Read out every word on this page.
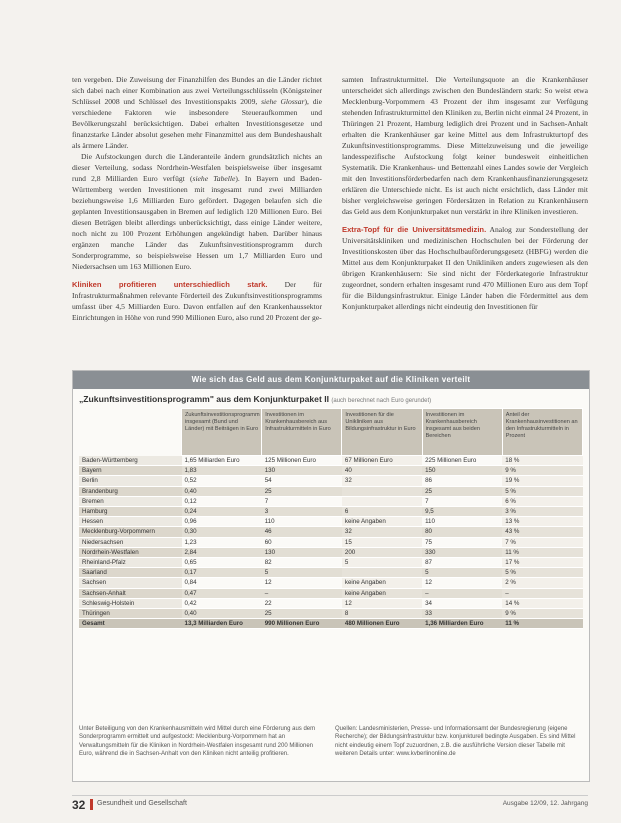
ten vergeben. Die Zuweisung der Finanzhilfen des Bundes an die Länder richtet sich dabei nach einer Kombination aus zwei Verteilungsschlüsseln (Königsteiner Schlüssel 2008 und Schlüssel des Investitionspakts 2009, siehe Glossar), die verschiedene Faktoren wie insbesondere Steueraufkommen und Bevölkerungszahl berücksichtigen. Dabei erhalten Investitionsgesetze und finanzstarke Länder absolut gesehen mehr Finanzmittel aus dem Bundeshaushalt als ärmere Länder.

Die Aufstockungen durch die Länderanteile ändern grundsätzlich nichts an dieser Verteilung, sodass Nordrhein-Westfalen beispielsweise über insgesamt rund 2,8 Milliarden Euro verfügt (siehe Tabelle). In Bayern und Baden-Württemberg werden Investitionen mit insgesamt rund zwei Milliarden beziehungsweise 1,6 Milliarden Euro gefördert. Dagegen belaufen sich die geplanten Investitionsausgaben in Bremen auf lediglich 120 Millionen Euro. Bei diesen Beträgen bleibt allerdings unberücksichtigt, dass einige Länder weitere, noch nicht zu 100 Prozent Erhöhungen angekündigt haben. Darüber hinaus ergänzen manche Länder das Zukunftsinvestitionsprogramm durch Sonderprogramme, so beispielsweise Hessen um 1,7 Milliarden Euro und Niedersachsen um 163 Millionen Euro.

Kliniken profitieren unterschiedlich stark. Der für Infrastrukturmaßnahmen relevante Förderteil des Zukunftsinvestitionsprogramms umfasst über 4,5 Milliarden Euro. Davon entfallen auf den Krankenhaussektor Einrichtungen in Höhe von rund 990 Millionen Euro, also rund 20 Prozent der ge-

samten Infrastrukturmittel. Die Verteilungsquote an die Krankenhäuser unterscheidet sich allerdings zwischen den Bundesländern stark: So weist etwa Mecklenburg-Vorpommern 43 Prozent der ihm insgesamt zur Verfügung stehenden Infrastrukturmittel den Kliniken zu, Berlin nicht einmal 24 Prozent, in Thüringen 21 Prozent, Hamburg lediglich drei Prozent und in Sachsen-Anhalt erhalten die Krankenhäuser gar keine Mittel aus dem Infrastrukturtopf des Zukunftsinvestitionsprogramms. Diese Mittelzuweisung und die jeweilige landesspezifische Aufstockung folgt keiner bundesweit einheitlichen Systematik. Die Krankenhaus- und Bettenzahl eines Landes sowie der Vergleich mit den Investitionsförderbedarfen nach dem Krankenhausfinanzierungsgesetz erklären die Unterschiede nicht. Es ist auch nicht ersichtlich, dass Länder mit bisher vergleichsweise geringen Fördersätzen in Relation zu Krankenhäusern das Geld aus dem Konjunkturpaket nun verstärkt in ihre Kliniken investieren.

Extra-Topf für die Universitätsmedizin. Analog zur Sonderstellung der Universitätskliniken und medizinischen Hochschulen bei der Förderung der Investitionskosten über das Hochschulbauförderungsgesetz (HBFG) werden die Mittel aus dem Konjunkturpaket II den Unikliniken anders zugewiesen als den übrigen Krankenhäusern: Sie sind nicht der Förderkategorie Infrastruktur zugeordnet, sondern erhalten insgesamt rund 470 Millionen Euro aus dem Topf für die Bildungsinfrastruktur. Einige Länder haben die Fördermittel aus dem Konjunkturpaket allerdings nicht eindeutig den Investitionen für

Wie sich das Geld aus dem Konjunkturpaket auf die Kliniken verteilt
„Zukunftsinvestitionsprogramm" aus dem Konjunkturpaket II (auch berechnet nach Euro gerundet)
	Zukunftsinvestitionsprogramm insgesamt (Bund und Länder) mit Beiträgen in Euro	Investitionen im Krankenhausbereich aus Infrastrukturmitteln in Euro	Investitionen für die Unikliniken aus Bildungsinfrastruktur in Euro	Investitionen im Krankenhausbereich insgesamt aus beiden Bereichen	Anteil der Krankenhausinvestitionen an den Infrastrukturmitteln in Prozent
Baden-Württemberg	1,65 Milliarden Euro	125 Millionen Euro	67 Millionen Euro	225 Millionen Euro	18 %
Bayern	1,83	130	40	150	9 %
Berlin	0,52	54	32	86	19 %
Brandenburg	0,40	25		25	5 %
Bremen	0,12	7		7	6 %
Hamburg	0,24	3	6	9,5	3 %
Hessen	0,96	110	keine Angaben	110	13 %
Mecklenburg-Vorpommern	0,30	46	32	80	43 %
Niedersachsen	1,23	60	15	75	7 %
Nordrhein-Westfalen	2,84	130	200	330	11 %
Rheinland-Pfalz	0,65	82	5	87	17 %
Saarland	0,17	5		5	5 %
Sachsen	0,84	12	keine Angaben	12	2 %
Sachsen-Anhalt	0,47	–	keine Angaben	–	–
Schleswig-Holstein	0,42	22	12	34	14 %
Thüringen	0,40	25	8	33	9 %
Gesamt	13,3 Milliarden Euro	990 Millionen Euro	480 Millionen Euro	1,36 Milliarden Euro	11 %
Unter Beteiligung von den Krankenhausmitteln wird Mittel durch eine Förderung aus dem Sonderprogramm ermittelt und aufgestockt: Mecklenburg-Vorpommern hat an Verwaltungsmitteln für die Kliniken in Nordrhein-Westfalen insgesamt rund 200 Millionen Euro, während die in Sachsen-Anhalt von den Kliniken nicht anteilig profitieren.
Quellen: Landesministerien, Presse- und Informationsamt der Bundesregierung (eigene Recherche); der Bildungsinfrastruktur bzw. konjunkturell bedingte Ausgaben. Es sind Mittel nicht eindeutig einem Topf zuzuordnen, z.B. die ausführliche Version dieser Tabelle mit weiteren Details unter: www.kvberlinonline.de
32 Gesundheit und Gesellschaft	Ausgabe 12/09, 12. Jahrgang
